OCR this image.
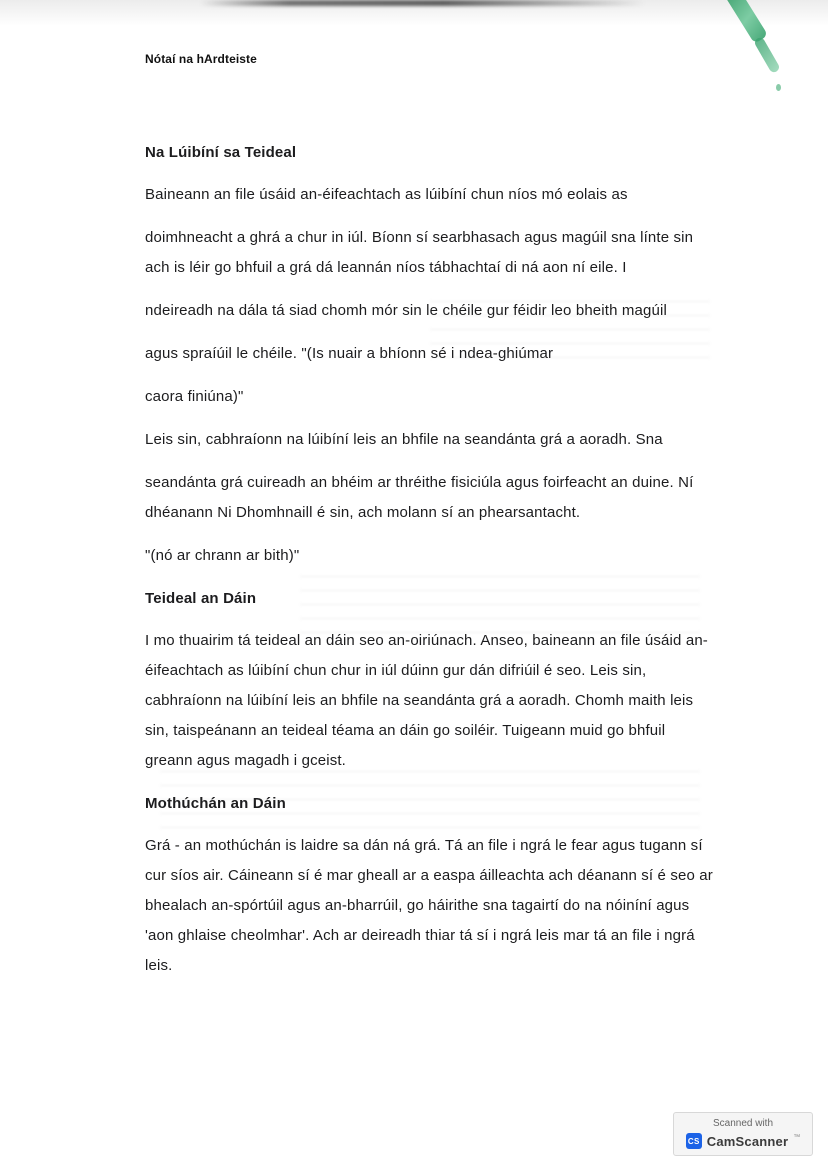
Nótaí na hArdteiste

Na Lúibíní sa Teideal

Baineann an file úsáid an-éifeachtach as lúibíní chun níos mó eolais as

doimhneacht a ghrá a chur in iúl. Bíonn sí searbhasach agus magúil sna línte sin ach is léir go bhfuil a grá dá leannán níos tábhachtaí di ná aon ní eile. I

ndeireadh na dála tá siad chomh mór sin le chéile gur féidir leo bheith magúil

agus spraíúil le chéile. "(Is nuair a bhíonn sé i ndea-ghiúmar

caora finiúna)"

Leis sin, cabhraíonn na lúibíní leis an bhfile na seandánta grá a aoradh. Sna

seandánta grá cuireadh an bhéim ar thréithe fisiciúla agus foirfeacht an duine. Ní dhéanann Ni Dhomhnaill é sin, ach molann sí an phearsantacht.

"(nó ar chrann ar bith)"

Teideal an Dáin

I mo thuairim tá teideal an dáin seo an-oiriúnach. Anseo, baineann an file úsáid an-éifeachtach as lúibíní chun chur in iúl dúinn gur dán difriúil é seo. Leis sin, cabhraíonn na lúibíní leis an bhfile na seandánta grá a aoradh. Chomh maith leis sin, taispeánann an teideal téama an dáin go soiléir. Tuigeann muid go bhfuil greann agus magadh i gceist.

Mothúchán an Dáin

Grá - an mothúchán is laidre sa dán ná grá. Tá an file i ngrá le fear agus tugann sí cur síos air. Cáineann sí é mar gheall ar a easpa áilleachta ach déanann sí é seo ar bhealach an-spórtúil agus an-bharrúil, go háirithe sna tagairtí do na nóiníní agus 'aon ghlaise cheolmhar'. Ach ar deireadh thiar tá sí i ngrá leis mar tá an file i ngrá leis.

Scanned with
CS CamScanner ™
